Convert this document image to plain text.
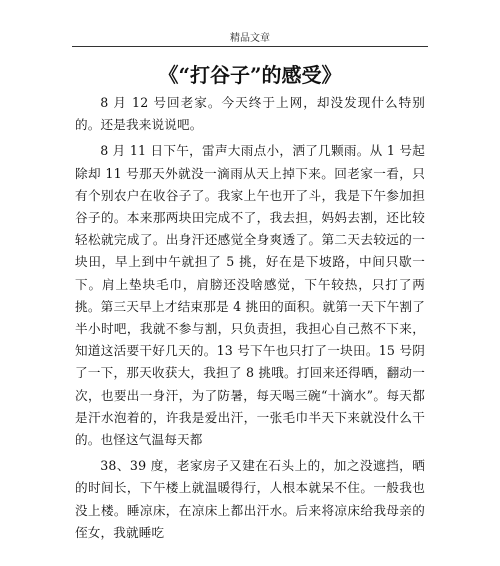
精品文章
《“打谷子”的感受》

8 月 12 号回老家。今天终于上网，却没发现什么特别的。还是我来说说吧。

8 月 11 日下午，雷声大雨点小，洒了几颗雨。从 1 号起除却 11 号那天外就没一滴雨从天上掉下来。回老家一看，只有个别农户在收谷子了。我家上午也开了斗，我是下午参加担谷子的。本来那两块田完成不了，我去担，妈妈去割，还比较轻松就完成了。出身汗还感觉全身爽透了。第二天去较远的一块田，早上到中午就担了 5 挑，好在是下坡路，中间只歇一下。肩上垫块毛巾，肩膀还没啥感觉，下午较热，只打了两挑。第三天早上才结束那是 4 挑田的面积。就第一天下午割了半小时吧，我就不参与割，只负责担，我担心自己熬不下来，知道这活要干好几天的。13 号下午也只打了一块田。15 号阴了一下，那天收获大，我担了 8 挑哦。打回来还得晒，翻动一次，也要出一身汗，为了防暑，每天喝三碗“十滴水”。每天都是汗水泡着的，许我是爱出汗，一张毛巾半天下来就没什么干的。也怪这气温每天都

38、39 度，老家房子又建在石头上的，加之没遮挡，晒的时间长，下午楼上就温暖得行，人根本就呆不住。一般我也没上楼。睡凉床，在凉床上都出汗水。后来将凉床给我母亲的侄女，我就睡吃
